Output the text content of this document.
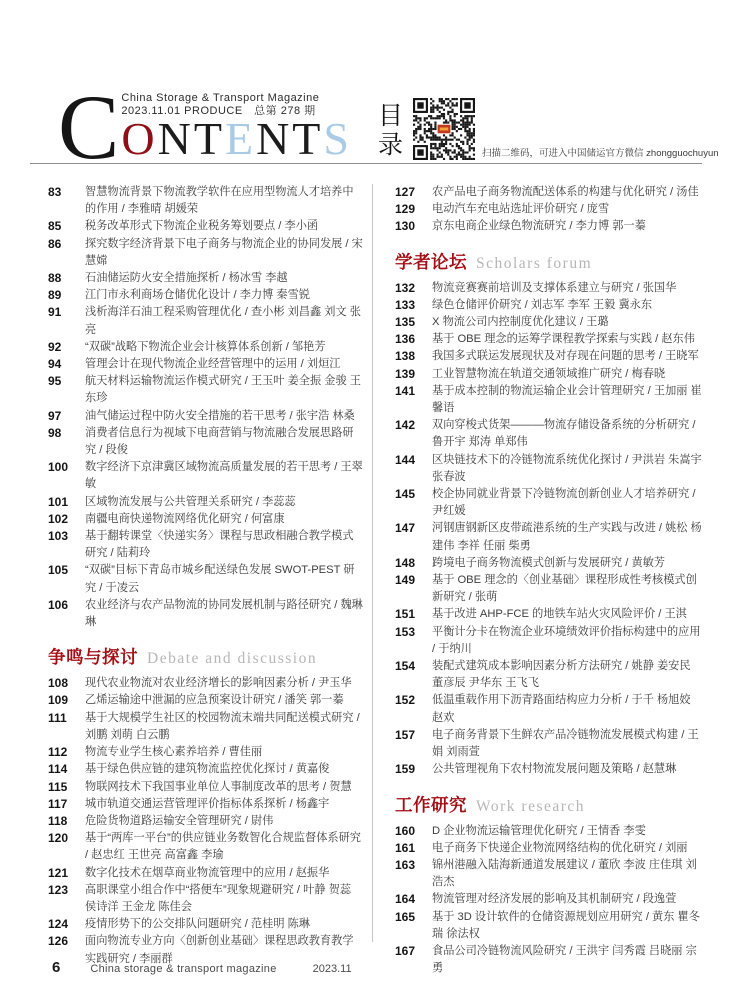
C China Storage & Transport Magazine
2023.11.01 PRODUCE　总第 278 期
ONTENTS 目
录	扫描二维码，可进入中国储运官方微信 zhongguochuyun
83	智慧物流背景下物流教学软件在应用型物流人才培养中的作用 / 李雅晴 胡媛荣
85	税务改革形式下物流企业税务筹划要点 / 李小函
86	探究数字经济背景下电子商务与物流企业的协同发展 / 宋慧嫦
88	石油储运防火安全措施探析 / 杨冰雪 李越
89	江门市永利商场仓储优化设计 / 李力博 秦雪锐
91	浅析海洋石油工程采购管理优化 / 查小彬 刘昌鑫 刘文 张亮
92	“双碳”战略下物流企业会计核算体系创新 / 邹艳芳
94	管理会计在现代物流企业经营管理中的运用 / 刘烜江
95	航天材料运输物流运作模式研究 / 王玉叶 姜全振 金骏 王东珍
97	油气储运过程中防火安全措施的若干思考 / 张宇浩 林桑
98	消费者信息行为视域下电商营销与物流融合发展思路研究 / 段俊
100	数字经济下京津冀区域物流高质量发展的若干思考 / 王翠敏
101	区域物流发展与公共管理关系研究 / 李蕊蕊
102	南疆电商快递物流网络优化研究 / 何富康
103	基于翻转课堂〈快递实务〉课程与思政相融合教学模式研究 / 陆莉玲
105	“双碳”目标下青岛市城乡配送绿色发展 SWOT-PEST 研究 / 于凌云
106	农业经济与农产品物流的协同发展机制与路径研究 / 魏琳琳
争鸣与探讨 Debate and discussion
108	现代农业物流对农业经济增长的影响因素分析 / 尹玉华
109	乙烯运输途中泄漏的应急预案设计研究 / 潘笑 郭一蓁
111	基于大规模学生社区的校园物流末端共同配送模式研究 / 刘鹏 刘萌 白云鹏
112	物流专业学生核心素养培养 / 曹佳丽
114	基于绿色供应链的建筑物流监控优化探讨 / 黄嘉俊
115	物联网技术下我国事业单位人事制度改革的思考 / 贺慧
117	城市轨道交通运营管理评价指标体系探析 / 杨鑫宇
118	危险货物道路运输安全管理研究 / 尉伟
120	基于“两库一平台”的供应链业务数智化合规监督体系研究 / 赵忠红 王世亮 高富鑫 李瑜
121	数字化技术在烟草商业物流管理中的应用 / 赵振华
123	高职课堂小组合作中“搭便车”现象规避研究 / 叶静 贺蕊 侯诗洋 王金龙 陈佳会
124	疫情形势下的公交排队问题研究 / 范桂明 陈琳
126	面向物流专业方向〈创新创业基础〉课程思政教育教学实践研究 / 李丽群
127	农产品电子商务物流配送体系的构建与优化研究 / 汤佳
129	电动汽车充电站选址评价研究 / 庞雪
130	京东电商企业绿色物流研究 / 李力博 郭一蓁
学者论坛 Scholars forum
132	物流竞赛赛前培训及支撑体系建立与研究 / 张国华
133	绿色仓储评价研究 / 刘志军 李军 王毅 冀永东
135	X 物流公司内控制度优化建议 / 王璐
136	基于 OBE 理念的运筹学课程教学探索与实践 / 赵东伟
138	我国多式联运发展现状及对存现在问题的思考 / 王晓军
139	工业智慧物流在轨道交通领域推广研究 / 梅春晓
141	基于成本控制的物流运输企业会计管理研究 / 王加丽 崔馨语
142	双向穿梭式货架———物流存储设备系统的分析研究 / 鲁开宇 郑涛 单郑伟
144	区块链技术下的冷链物流系统优化探讨 / 尹洪岩 朱嵩宇 张春波
145	校企协同就业背景下冷链物流创新创业人才培养研究 / 尹红媛
147	河钢唐钢新区皮带疏港系统的生产实践与改进 / 姚松 杨建伟 李祥 任丽 柴勇
148	跨境电子商务物流模式创新与发展研究 / 黄敏芳
149	基于 OBE 理念的〈创业基础〉课程形成性考核模式创新研究 / 张萌
151	基于改进 AHP-FCE 的地铁车站火灾风险评价 / 王淇
153	平衡计分卡在物流企业环境绩效评价指标构建中的应用 / 于纳川
154	装配式建筑成本影响因素分析方法研究 / 姚静 姜安民 董彦辰 尹华东 王飞飞
152	低温重载作用下沥青路面结构应力分析 / 于千 杨旭姣 赵欢
157	电子商务背景下生鲜农产品冷链物流发展模式构建 / 王娟 刘雨萱
159	公共管理视角下农村物流发展问题及策略 / 赵慧琳
工作研究 Work research
160	D 企业物流运输管理优化研究 / 王情香 李雯
161	电子商务下快递企业物流网络结构的优化研究 / 刘丽
163	锦州港融入陆海新通道发展建议 / 董欣 李波 庄佳琪 刘浩杰
164	物流管理对经济发展的影响及其机制研究 / 段逸萱
165	基于 3D 设计软件的仓储资源规划应用研究 / 黄东 瞿冬瑞 徐法权
167	食品公司冷链物流风险研究 / 王洪宇 闫秀霞 吕晓丽 宗勇
6	China storage & transport magazine	2023.11
